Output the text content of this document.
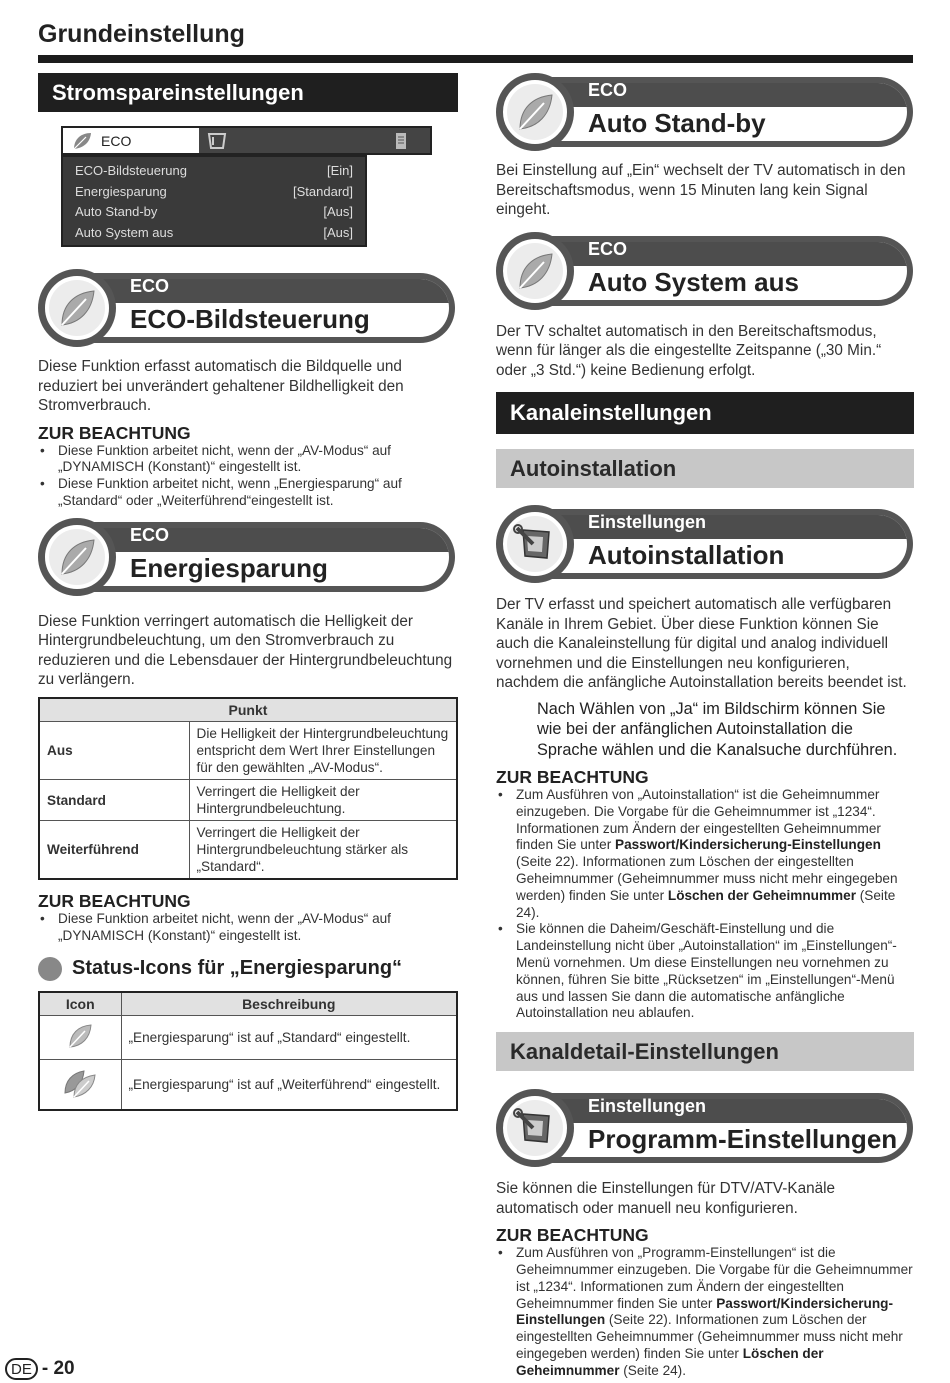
Grundeinstellung
Stromspareinstellungen
ECO
ECO-Bildsteuerung	[Ein]
Energiesparung	[Standard]
Auto Stand-by	[Aus]
Auto System aus	[Aus]
ECO
ECO-Bildsteuerung

Diese Funktion erfasst automatisch die Bildquelle und reduziert bei unverändert gehaltener Bildhelligkeit den Stromverbrauch.

ZUR BEACHTUNG
• Diese Funktion arbeitet nicht, wenn der „AV-Modus“ auf „DYNAMISCH (Konstant)“ eingestellt ist.
• Diese Funktion arbeitet nicht, wenn „Energiesparung“ auf „Standard“ oder „Weiterführend“eingestellt ist.
ECO
Energiesparung

Diese Funktion verringert automatisch die Helligkeit der Hintergrundbeleuchtung, um den Stromverbrauch zu reduzieren und die Lebensdauer der Hintergrundbeleuchtung zu verlängern.

Punkt	
Aus	Die Helligkeit der Hintergrundbeleuchtung entspricht dem Wert Ihrer Einstellungen für den gewählten „AV-Modus“.
Standard	Verringert die Helligkeit der Hintergrundbeleuchtung.
Weiterführend	Verringert die Helligkeit der Hintergrundbeleuchtung stärker als „Standard“.
ZUR BEACHTUNG
• Diese Funktion arbeitet nicht, wenn der „AV-Modus“ auf „DYNAMISCH (Konstant)“ eingestellt ist.
Status-Icons für „Energiesparung“
Icon	Beschreibung
	„Energiesparung“ ist auf „Standard“ eingestellt.
	„Energiesparung“ ist auf „Weiterführend“ eingestellt.
ECO
Auto Stand-by

Bei Einstellung auf „Ein“ wechselt der TV automatisch in den Bereitschaftsmodus, wenn 15 Minuten lang kein Signal eingeht.

ECO
Auto System aus

Der TV schaltet automatisch in den Bereitschaftsmodus, wenn für länger als die eingestellte Zeitspanne („30 Min.“ oder „3 Std.“) keine Bedienung erfolgt.

Kanaleinstellungen
Autoinstallation
Einstellungen
Autoinstallation

Der TV erfasst und speichert automatisch alle verfügbaren Kanäle in Ihrem Gebiet. Über diese Funktion können Sie auch die Kanaleinstellung für digital und analog individuell vornehmen und die Einstellungen neu konfigurieren, nachdem die anfängliche Autoinstallation bereits beendet ist.

Nach Wählen von „Ja“ im Bildschirm können Sie wie bei der anfänglichen Autoinstallation die Sprache wählen und die Kanalsuche durchführen.

ZUR BEACHTUNG
• Zum Ausführen von „Autoinstallation“ ist die Geheimnummer einzugeben. Die Vorgabe für die Geheimnummer ist „1234“. Informationen zum Ändern der eingestellten Geheimnummer finden Sie unter Passwort/Kindersicherung-Einstellungen (Seite 22). Informationen zum Löschen der eingestellten Geheimnummer (Geheimnummer muss nicht mehr eingegeben werden) finden Sie unter Löschen der Geheimnummer (Seite 24).
• Sie können die Daheim/Geschäft-Einstellung und die Landeinstellung nicht über „Autoinstallation“ im „Einstellungen“-Menü vornehmen. Um diese Einstellungen neu vornehmen zu können, führen Sie bitte „Rücksetzen“ im „Einstellungen“-Menü aus und lassen Sie dann die automatische anfängliche Autoinstallation neu ablaufen.
Kanaldetail-Einstellungen
Einstellungen
Programm-Einstellungen

Sie können die Einstellungen für DTV/ATV-Kanäle automatisch oder manuell neu konfigurieren.

ZUR BEACHTUNG
• Zum Ausführen von „Programm-Einstellungen“ ist die Geheimnummer einzugeben. Die Vorgabe für die Geheimnummer ist „1234“. Informationen zum Ändern der eingestellten Geheimnummer finden Sie unter Passwort/Kindersicherung-Einstellungen (Seite 22). Informationen zum Löschen der eingestellten Geheimnummer (Geheimnummer muss nicht mehr eingegeben werden) finden Sie unter Löschen der Geheimnummer (Seite 24).
DE - 20
